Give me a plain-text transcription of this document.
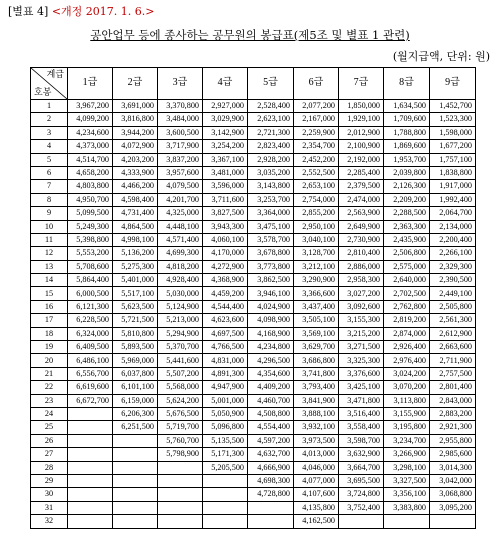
[별표 4] <개정 2017. 1. 6.>
공안업무 등에 종사하는 공무원의 봉급표(제5조 및 별표 1 관련)
(월지급액, 단위: 원)
계급
호봉	1급	2급	3급	4급	5급	6급	7급	8급	9급
1	3,967,200	3,691,000	3,370,800	2,927,000	2,528,400	2,077,200	1,850,000	1,634,500	1,452,700
2	4,099,200	3,816,800	3,484,000	3,029,900	2,623,100	2,167,000	1,929,100	1,709,600	1,523,300
3	4,234,600	3,944,200	3,600,500	3,142,900	2,721,300	2,259,900	2,012,900	1,788,800	1,598,000
4	4,373,000	4,072,900	3,717,900	3,254,200	2,823,400	2,354,700	2,100,900	1,869,600	1,677,200
5	4,514,700	4,203,200	3,837,200	3,367,100	2,928,200	2,452,200	2,192,000	1,953,700	1,757,100
6	4,658,200	4,333,900	3,957,600	3,481,000	3,035,200	2,552,500	2,285,400	2,039,800	1,838,800
7	4,803,800	4,466,200	4,079,500	3,596,000	3,143,800	2,653,100	2,379,500	2,126,300	1,917,000
8	4,950,700	4,598,400	4,201,700	3,711,600	3,253,700	2,754,000	2,474,000	2,209,200	1,992,400
9	5,099,500	4,731,400	4,325,000	3,827,500	3,364,000	2,855,200	2,563,900	2,288,500	2,064,700
10	5,249,300	4,864,500	4,448,100	3,943,300	3,475,100	2,950,100	2,649,900	2,363,300	2,134,000
11	5,398,800	4,998,100	4,571,400	4,060,100	3,578,700	3,040,100	2,730,900	2,435,900	2,200,400
12	5,553,200	5,136,200	4,699,300	4,170,000	3,678,800	3,128,700	2,810,400	2,506,800	2,266,100
13	5,708,600	5,275,300	4,818,200	4,272,900	3,773,800	3,212,100	2,886,000	2,575,000	2,329,300
14	5,864,400	5,401,000	4,928,400	4,368,900	3,862,500	3,290,900	2,958,300	2,640,000	2,390,500
15	6,000,500	5,517,100	5,030,000	4,459,200	3,946,100	3,366,600	3,027,200	2,702,500	2,449,100
16	6,121,300	5,623,500	5,124,900	4,544,400	4,024,900	3,437,400	3,092,600	2,762,800	2,505,800
17	6,228,500	5,721,500	5,213,000	4,623,600	4,098,900	3,505,100	3,155,300	2,819,200	2,561,300
18	6,324,000	5,810,800	5,294,900	4,697,500	4,168,900	3,569,100	3,215,200	2,874,000	2,612,900
19	6,409,500	5,893,500	5,370,700	4,766,500	4,234,800	3,629,700	3,271,500	2,926,400	2,663,600
20	6,486,100	5,969,000	5,441,600	4,831,000	4,296,500	3,686,800	3,325,300	2,976,400	2,711,900
21	6,556,700	6,037,800	5,507,200	4,891,300	4,354,600	3,741,800	3,376,600	3,024,200	2,757,500
22	6,619,600	6,101,100	5,568,000	4,947,900	4,409,200	3,793,400	3,425,100	3,070,200	2,801,400
23	6,672,700	6,159,000	5,624,200	5,001,000	4,460,700	3,841,900	3,471,800	3,113,800	2,843,000
24		6,206,300	5,676,500	5,050,900	4,508,800	3,888,100	3,516,400	3,155,900	2,883,200
25		6,251,500	5,719,700	5,096,800	4,554,400	3,932,100	3,558,400	3,195,800	2,921,300
26			5,760,700	5,135,500	4,597,200	3,973,500	3,598,700	3,234,700	2,955,800
27			5,798,900	5,171,300	4,632,700	4,013,000	3,632,900	3,266,900	2,985,600
28				5,205,500	4,666,900	4,046,000	3,664,700	3,298,100	3,014,300
29					4,698,300	4,077,000	3,695,500	3,327,500	3,042,000
30					4,728,800	4,107,600	3,724,800	3,356,100	3,068,800
31						4,135,800	3,752,400	3,383,800	3,095,200
32						4,162,500			
